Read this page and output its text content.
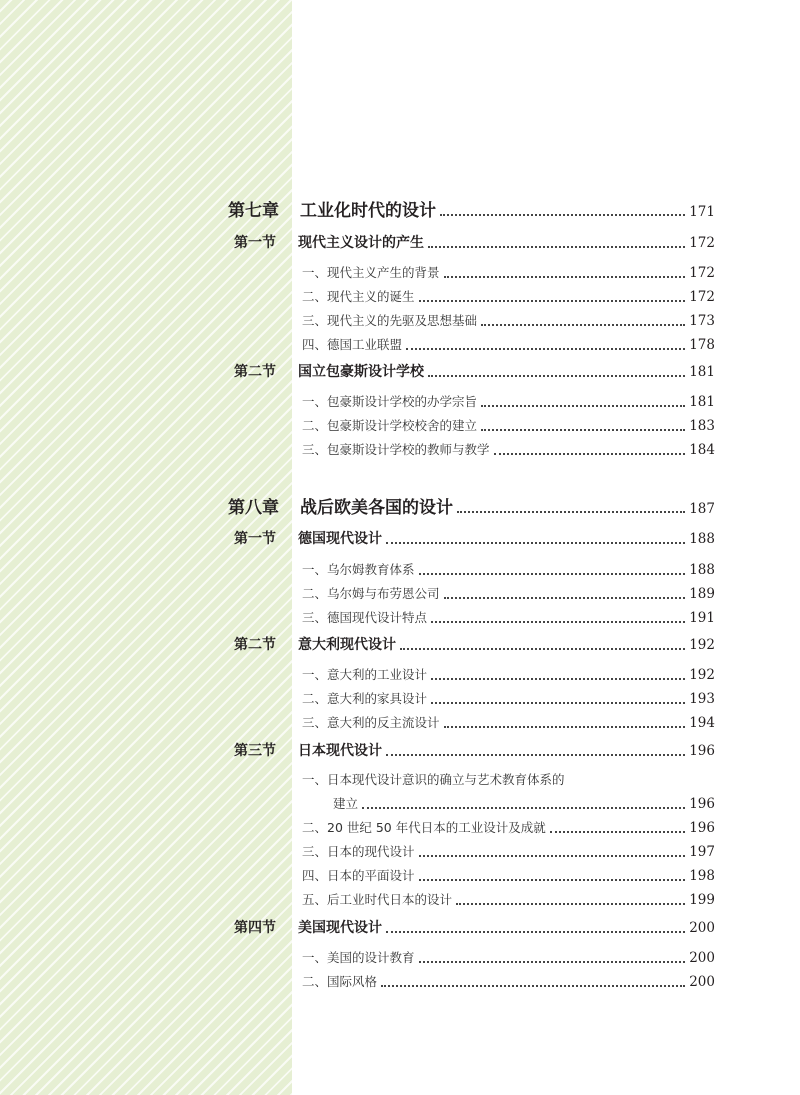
第七章	工业化时代的设计	171
第一节	现代主义设计的产生	172
一、现代主义产生的背景	172
二、现代主义的诞生	172
三、现代主义的先驱及思想基础	173
四、德国工业联盟	178
第二节	国立包豪斯设计学校	181
一、包豪斯设计学校的办学宗旨	181
二、包豪斯设计学校校舍的建立	183
三、包豪斯设计学校的教师与教学	184
第八章	战后欧美各国的设计	187
第一节	德国现代设计	188
一、乌尔姆教育体系	188
二、乌尔姆与布劳恩公司	189
三、德国现代设计特点	191
第二节	意大利现代设计	192
一、意大利的工业设计	192
二、意大利的家具设计	193
三、意大利的反主流设计	194
第三节	日本现代设计	196
一、日本现代设计意识的确立与艺术教育体系的
建立	196
二、20 世纪 50 年代日本的工业设计及成就	196
三、日本的现代设计	197
四、日本的平面设计	198
五、后工业时代日本的设计	199
第四节	美国现代设计	200
一、美国的设计教育	200
二、国际风格	200
